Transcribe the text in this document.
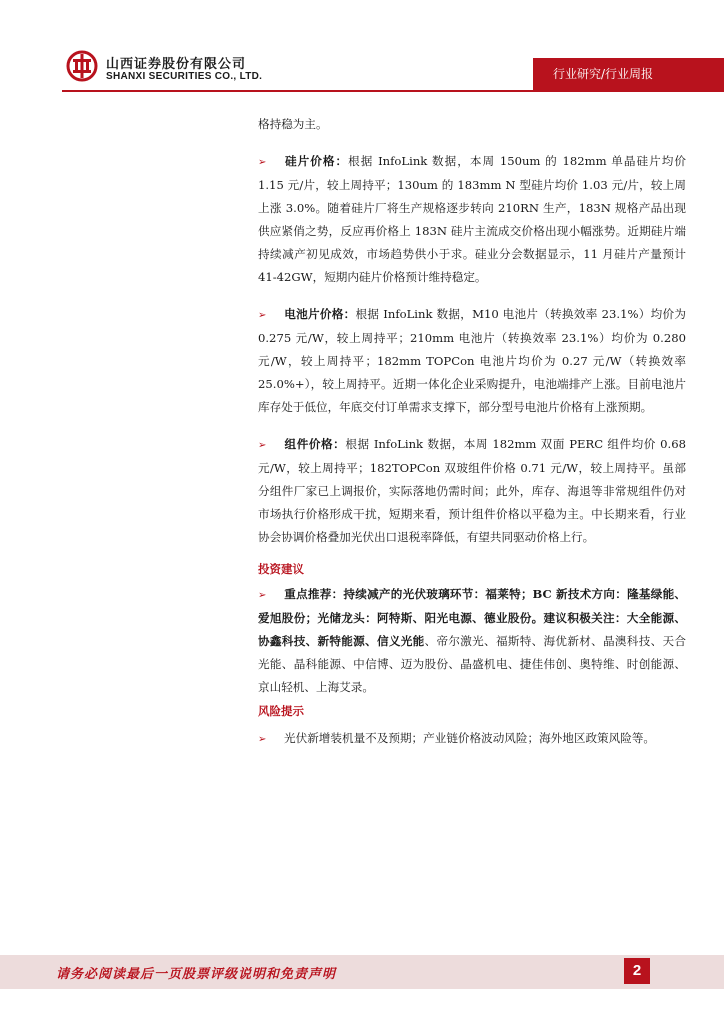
山西证券股份有限公司
SHANXI SECURITIES CO., LTD.	行业研究/行业周报

格持稳为主。

➢ 硅片价格：根据 InfoLink 数据，本周 150um 的 182mm 单晶硅片均价 1.15 元/片，较上周持平；130um 的 183mm N 型硅片均价 1.03 元/片，较上周上涨 3.0%。随着硅片厂将生产规格逐步转向 210RN 生产，183N 规格产品出现供应紧俏之势，反应再价格上 183N 硅片主流成交价格出现小幅涨势。近期硅片端持续减产初见成效，市场趋势供小于求。硅业分会数据显示，11 月硅片产量预计 41-42GW，短期内硅片价格预计维持稳定。

➢ 电池片价格：根据 InfoLink 数据，M10 电池片（转换效率 23.1%）均价为 0.275 元/W，较上周持平；210mm 电池片（转换效率 23.1%）均价为 0.280 元/W，较上周持平；182mm TOPCon 电池片均价为 0.27 元/W（转换效率 25.0%+），较上周持平。近期一体化企业采购提升，电池端排产上涨。目前电池片库存处于低位，年底交付订单需求支撑下，部分型号电池片价格有上涨预期。

➢ 组件价格：根据 InfoLink 数据，本周 182mm 双面 PERC 组件均价 0.68 元/W，较上周持平；182TOPCon 双玻组件价格 0.71 元/W，较上周持平。虽部分组件厂家已上调报价，实际落地仍需时间；此外，库存、海退等非常规组件仍对市场执行价格形成干扰，短期来看，预计组件价格以平稳为主。中长期来看，行业协会协调价格叠加光伏出口退税率降低，有望共同驱动价格上行。

投资建议

➢ 重点推荐：持续减产的光伏玻璃环节：福莱特；BC 新技术方向：隆基绿能、爱旭股份；光储龙头：阿特斯、阳光电源、德业股份。建议积极关注：大全能源、协鑫科技、新特能源、信义光能、帝尔激光、福斯特、海优新材、晶澳科技、天合光能、晶科能源、中信博、迈为股份、晶盛机电、捷佳伟创、奥特维、时创能源、京山轻机、上海艾录。

风险提示

➢ 光伏新增装机量不及预期；产业链价格波动风险；海外地区政策风险等。

请务必阅读最后一页股票评级说明和免责声明	2
